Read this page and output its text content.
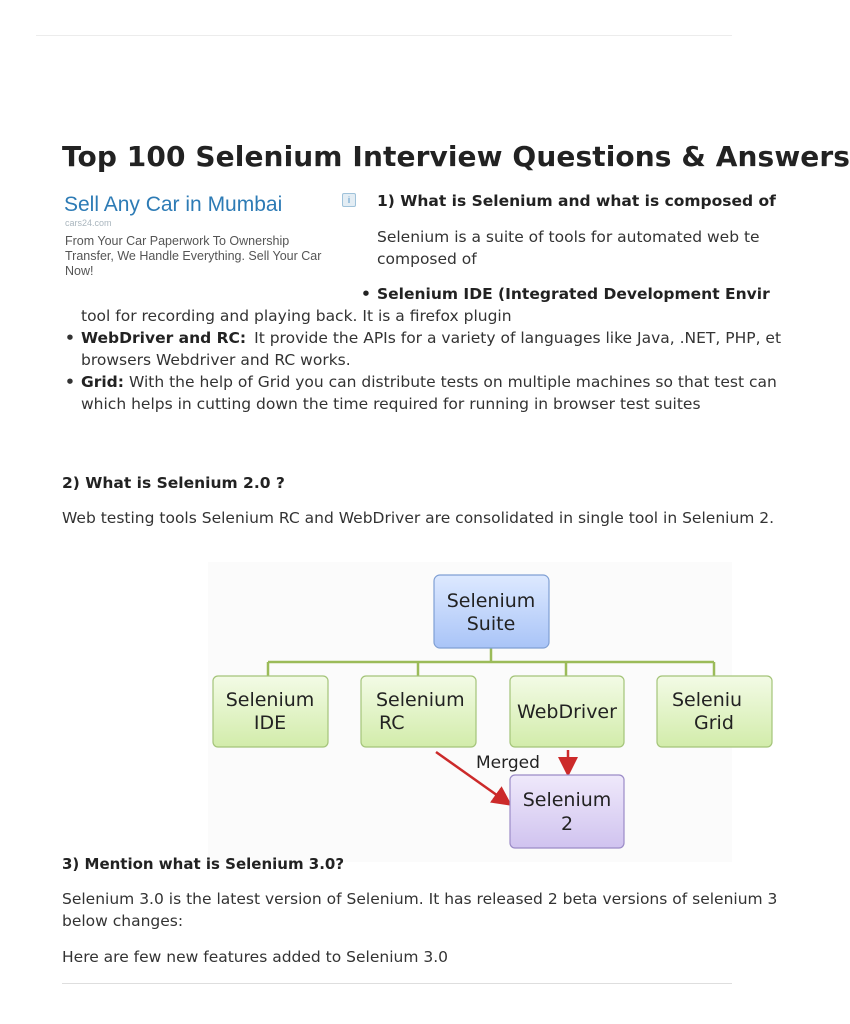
Top 100 Selenium Interview Questions & Answers
Sell Any Car in Mumbai
cars24.com
From Your Car Paperwork To Ownership Transfer, We Handle Everything. Sell Your Car Now!
i	1) What is Selenium and what is composed of
Selenium is a suite of tools for automated web te
composed of
• Selenium IDE (Integrated Development Envir
tool for recording and playing back. It is a firefox plugin
• WebDriver and RC: It provide the APIs for a variety of languages like Java, .NET, PHP, et
browsers Webdriver and RC works.
• Grid: With the help of Grid you can distribute tests on multiple machines so that test can
which helps in cutting down the time required for running in browser test suites
2) What is Selenium 2.0 ?
Web testing tools Selenium RC and WebDriver are consolidated in single tool in Selenium 2.
Selenium
Suite
Selenium
IDE
Selenium
RC	WebDriver
Seleniu
Grid
Merged
Selenium
2
3) Mention what is Selenium 3.0?
Selenium 3.0 is the latest version of Selenium. It has released 2 beta versions of selenium 3
below changes:
Here are few new features added to Selenium 3.0
